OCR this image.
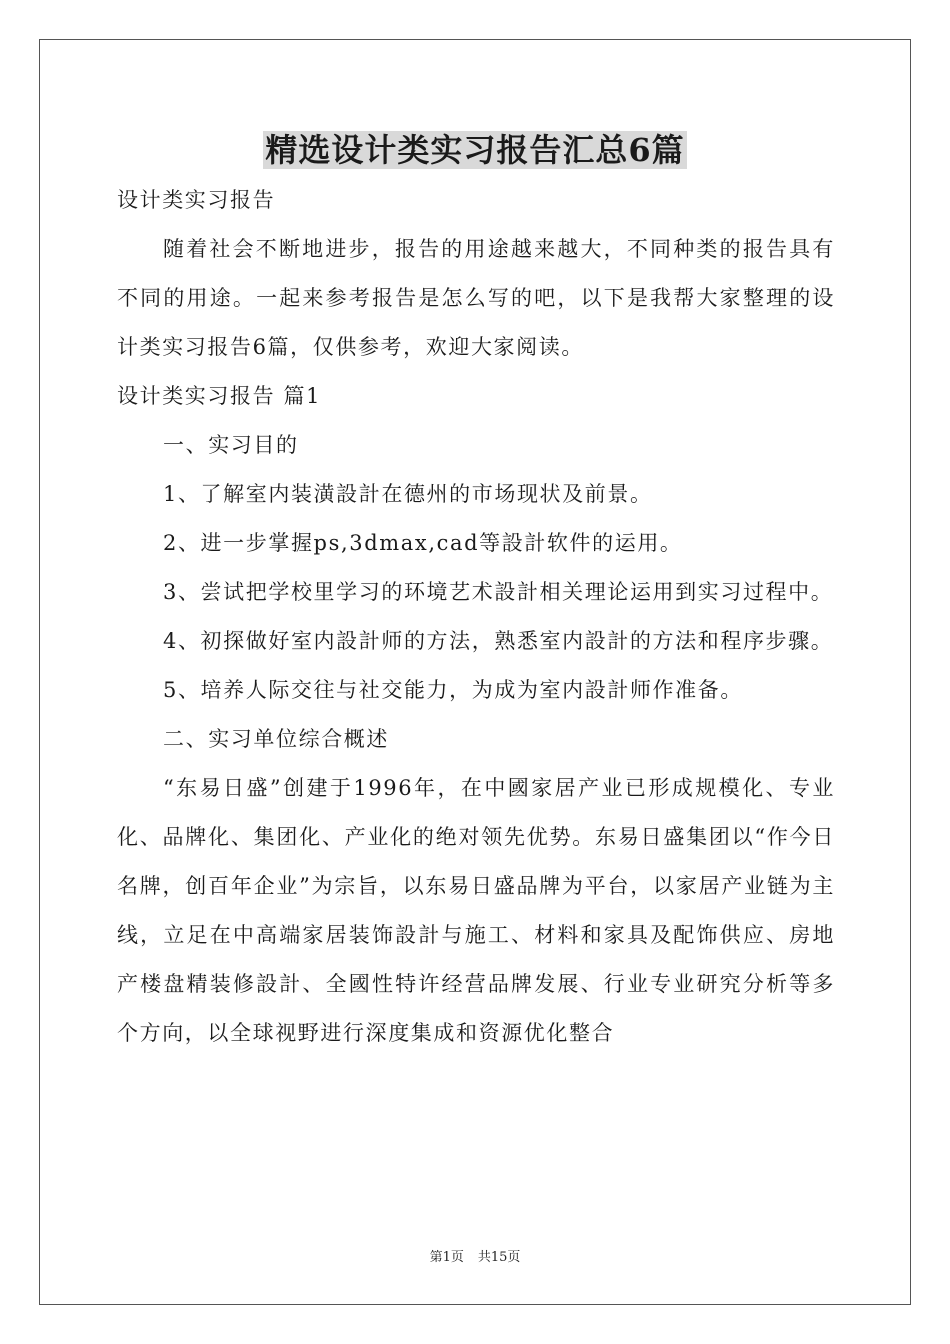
精选设计类实习报告汇总6篇

设计类实习报告

随着社会不断地进步，报告的用途越来越大，不同种类的报告具有不同的用途。一起来参考报告是怎么写的吧，以下是我帮大家整理的设计类实习报告6篇，仅供参考，欢迎大家阅读。

设计类实习报告 篇1

一、实习目的

1、了解室内装潢設計在德州的市场现状及前景。

2、进一步掌握ps,3dmax,cad等設計软件的运用。

3、尝试把学校里学习的环境艺术設計相关理论运用到实习过程中。

4、初探做好室内設計师的方法，熟悉室内設計的方法和程序步骤。

5、培养人际交往与社交能力，为成为室内設計师作准备。

二、实习单位综合概述

“东易日盛”创建于1996年，在中國家居产业已形成规模化、专业化、品牌化、集团化、产业化的绝对领先优势。东易日盛集团以“作今日名牌，创百年企业”为宗旨，以东易日盛品牌为平台，以家居产业链为主线，立足在中高端家居装饰設計与施工、材料和家具及配饰供应、房地产楼盘精装修設計、全國性特许经营品牌发展、行业专业研究分析等多个方向，以全球视野进行深度集成和资源优化整合

第1页 共15页
